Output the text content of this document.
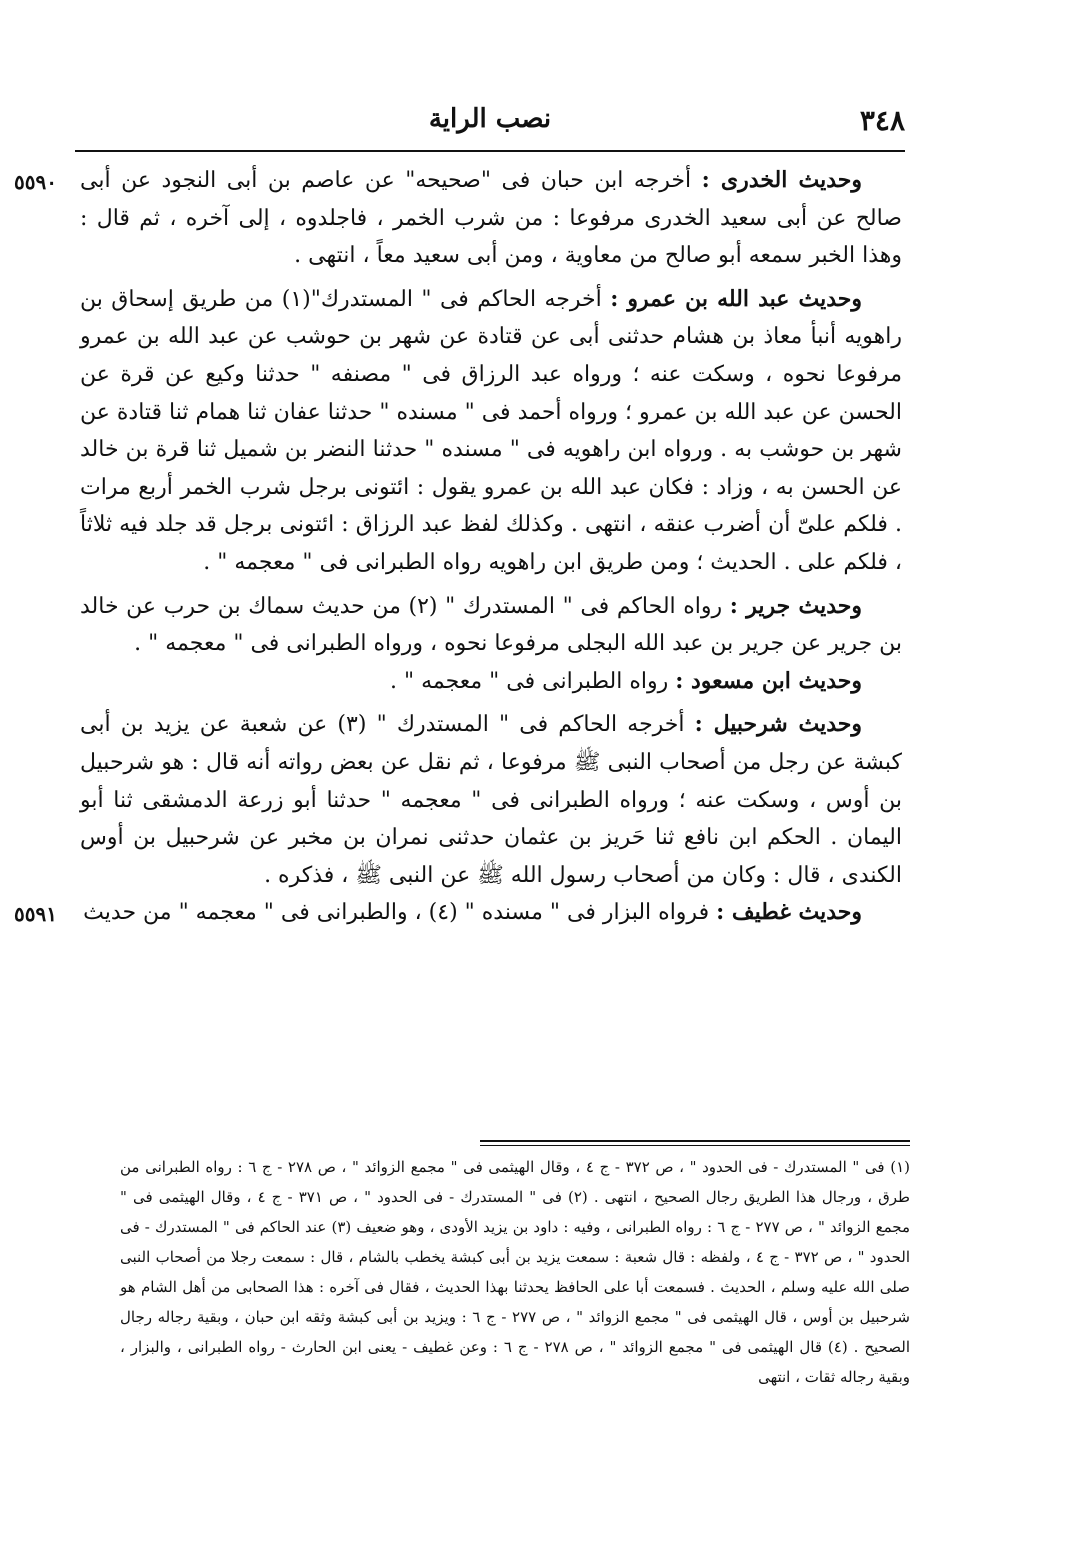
٣٤٨
نصب الراية
٥٥٩٠	وحديث الخدرى : أخرجه ابن حبان فى "صحيحه" عن عاصم بن أبى النجود عن أبى صالح عن أبى سعيد الخدرى مرفوعا : من شرب الخمر ، فاجلدوه ، إلى آخره ، ثم قال : وهذا الخبر سمعه أبو صالح من معاوية ، ومن أبى سعيد معاً ، انتهى .

وحديث عبد الله بن عمرو : أخرجه الحاكم فى " المستدرك"(١) من طريق إسحاق بن راهويه أنبأ معاذ بن هشام حدثنى أبى عن قتادة عن شهر بن حوشب عن عبد الله بن عمرو مرفوعا نحوه ، وسكت عنه ؛ ورواه عبد الرزاق فى " مصنفه " حدثنا وكيع عن قرة عن الحسن عن عبد الله بن عمرو ؛ ورواه أحمد فى " مسنده " حدثنا عفان ثنا همام ثنا قتادة عن شهر بن حوشب به . ورواه ابن راهويه فى " مسنده " حدثنا النضر بن شميل ثنا قرة بن خالد عن الحسن به ، وزاد : فكان عبد الله بن عمرو يقول : ائتونى برجل شرب الخمر أربع مرات . فلكم علىّ أن أضرب عنقه ، انتهى . وكذلك لفظ عبد الرزاق : ائتونى برجل قد جلد فيه ثلاثاً ، فلكم على . الحديث ؛ ومن طريق ابن راهويه رواه الطبرانى فى " معجمه " .

وحديث جرير : رواه الحاكم فى " المستدرك " (٢) من حديث سماك بن حرب عن خالد بن جرير عن جرير بن عبد الله البجلى مرفوعا نحوه ، ورواه الطبرانى فى " معجمه " .

وحديث ابن مسعود : رواه الطبرانى فى " معجمه " .

وحديث شرحبيل : أخرجه الحاكم فى " المستدرك " (٣) عن شعبة عن يزيد بن أبى كبشة عن رجل من أصحاب النبى ﷺ مرفوعا ، ثم نقل عن بعض رواته أنه قال : هو شرحبيل بن أوس ، وسكت عنه ؛ ورواه الطبرانى فى " معجمه " حدثنا أبو زرعة الدمشقى ثنا أبو اليمان . الحكم ابن نافع ثنا حَريز بن عثمان حدثنى نمران بن مخبر عن شرحبيل بن أوس الكندى ، قال : وكان من أصحاب رسول الله ﷺ عن النبى ﷺ ، فذكره .

٥٥٩١	وحديث غطيف : فرواه البزار فى " مسنده " (٤) ، والطبرانى فى " معجمه " من حديث

(١) فى " المستدرك - فى الحدود " ، ص ٣٧٢ - ج ٤ ، وقال الهيثمى فى " مجمع الزوائد " ، ص ٢٧٨ - ج ٦ : رواه الطبرانى من طرق ، ورجال هذا الطريق رجال الصحيح ، انتهى . (٢) فى " المستدرك - فى الحدود " ، ص ٣٧١ - ج ٤ ، وقال الهيثمى فى " مجمع الزوائد " ، ص ٢٧٧ - ج ٦ : رواه الطبرانى ، وفيه : داود بن يزيد الأودى ، وهو ضعيف (٣) عند الحاكم فى " المستدرك - فى الحدود " ، ص ٣٧٢ - ج ٤ ، ولفظه : قال شعبة : سمعت يزيد بن أبى كبشة يخطب بالشام ، قال : سمعت رجلا من أصحاب النبى صلى الله عليه وسلم ، الحديث . فسمعت أبا على الحافظ يحدثنا بهذا الحديث ، فقال فى آخره : هذا الصحابى من أهل الشام هو شرحبيل بن أوس ، قال الهيثمى فى " مجمع الزوائد " ، ص ٢٧٧ - ج ٦ : ويزيد بن أبى كبشة وثقه ابن حبان ، وبقية رجاله رجال الصحيح . (٤) قال الهيثمى فى " مجمع الزوائد " ، ص ٢٧٨ - ج ٦ : وعن غطيف - يعنى ابن الحارث - رواه الطبرانى ، والبزار ، وبقية رجاله ثقات ، انتهى
